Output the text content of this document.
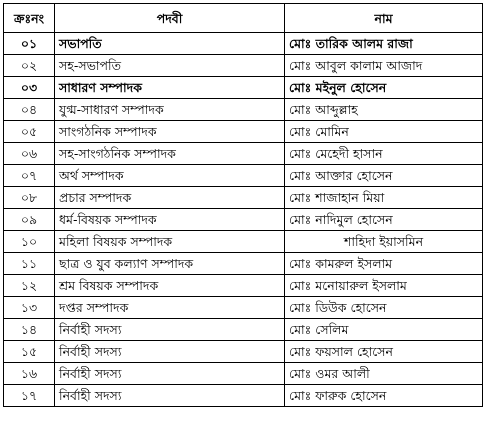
ক্রঃনং	পদবী	নাম
০১	সভাপতি	মোঃ তারিক আলম রাজা
০২	সহ-সভাপতি	মোঃ আবুল কালাম আজাদ
০৩	সাধারণ সম্পাদক	মোঃ মইনুল হোসেন
০৪	যুগ্ম-সাধারণ সম্পাদক	মোঃ আব্দুল্লাহ
০৫	সাংগঠনিক সম্পাদক	মোঃ মোমিন
০৬	সহ-সাংগঠনিক সম্পাদক	মোঃ মেহেদী হাসান
০৭	অর্থ সম্পাদক	মোঃ আক্তার হোসেন
০৮	প্রচার সম্পাদক	মোঃ শাজাহান মিয়া
০৯	ধর্ম-বিষয়ক সম্পাদক	মোঃ নাদিমুল হোসেন
১০	মহিলা বিষয়ক সম্পাদক	শাহিদা ইয়াসমিন
১১	ছাত্র ও যুব কল্যাণ সম্পাদক	মোঃ কামরুল ইসলাম
১২	শ্রম বিষয়ক সম্পাদক	মোঃ মনোয়ারুল ইসলাম
১৩	দপ্তর সম্পাদক	মোঃ ডিউক হোসেন
১৪	নির্বাহী সদস্য	মোঃ সেলিম
১৫	নির্বাহী সদস্য	মোঃ ফয়সাল হোসেন
১৬	নির্বাহী সদস্য	মোঃ ওমর আলী
১৭	নির্বাহী সদস্য	মোঃ ফারুক হোসেন
